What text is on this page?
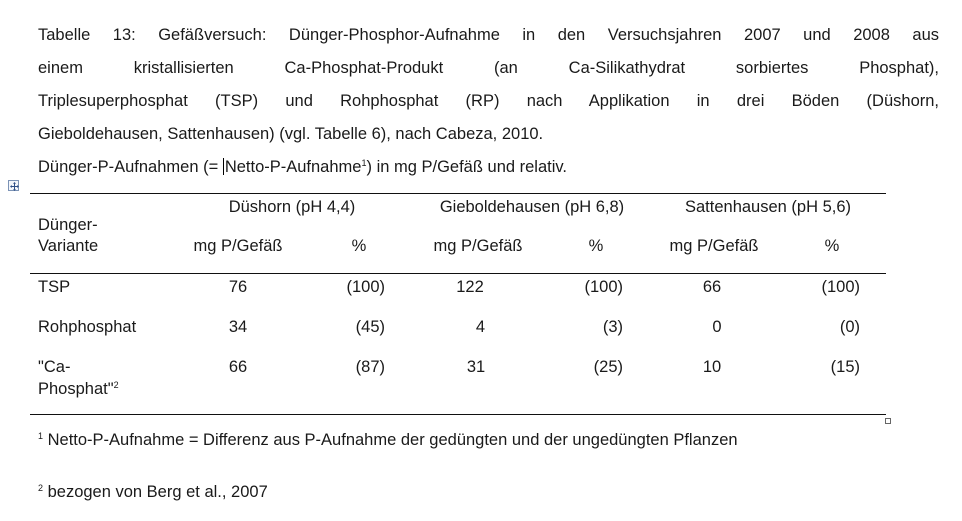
Tabelle 13: Gefäßversuch: Dünger-Phosphor-Aufnahme in den Versuchsjahren 2007 und 2008 aus
einem kristallisierten Ca-Phosphat-Produkt (an Ca-Silikathydrat sorbiertes Phosphat),
Triplesuperphosphat (TSP) und Rohphosphat (RP) nach Applikation in drei Böden (Düshorn,

Gieboldehausen, Sattenhausen) (vgl. Tabelle 6), nach Cabeza, 2010.

Dünger-P-Aufnahmen (= Netto-P-Aufnahme$^1$) in mg P/Gefäß und relativ.

Dünger-
Variante
Düshorn (pH 4,4)	Gieboldehausen (pH 6,8)	Sattenhausen (pH 5,6)
mg P/Gefäß	%	mg P/Gefäß	%	mg P/Gefäß	%
TSP	76	(100)	122	(100)	66	(100)
Rohphosphat	34	(45)	4	(3)	0	(0)
"Ca-
Phosphat"$^2$
66	(87)	31	(25)	10	(15)
$^1$ Netto-P-Aufnahme = Differenz aus P-Aufnahme der gedüngten und der ungedüngten Pflanzen
$^2$ bezogen von Berg et al., 2007
